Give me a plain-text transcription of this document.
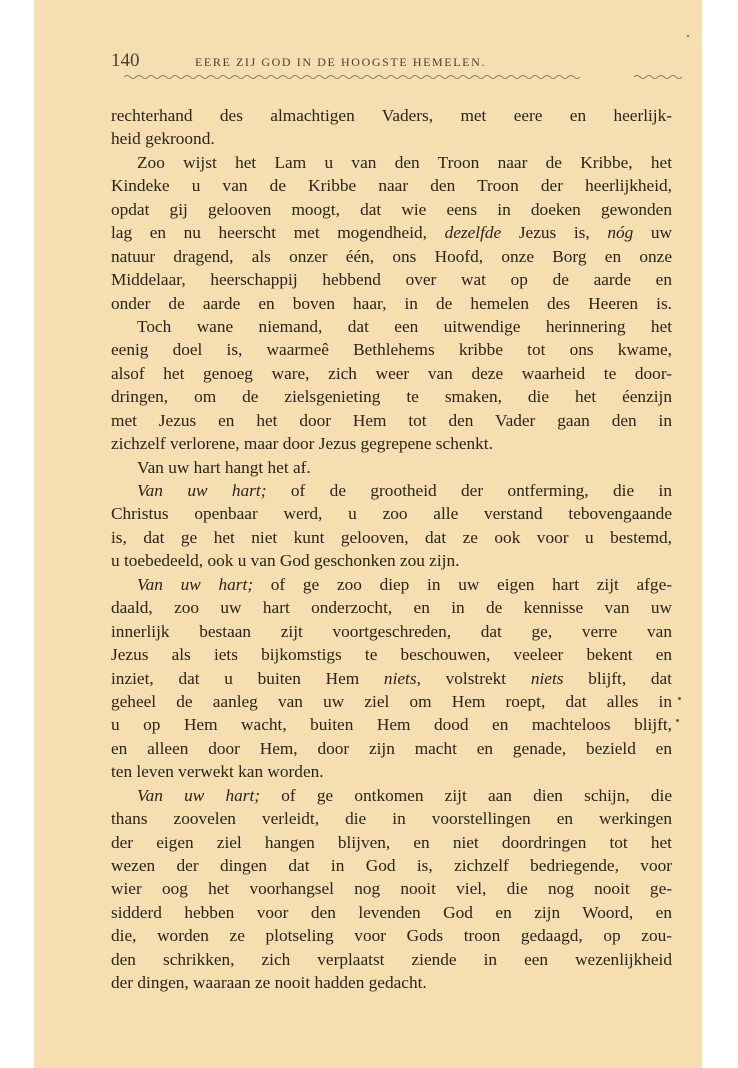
140	EERE ZIJ GOD IN DE HOOGSTE HEMELEN.
rechterhand des almachtigen Vaders, met eere en heerlijk-
heid gekroond.
Zoo wijst het Lam u van den Troon naar de Kribbe, het
Kindeke u van de Kribbe naar den Troon der heerlijkheid,
opdat gij gelooven moogt, dat wie eens in doeken gewonden
lag en nu heerscht met mogendheid, dezelfde Jezus is, nóg uw
natuur dragend, als onzer één, ons Hoofd, onze Borg en onze
Middelaar, heerschappij hebbend over wat op de aarde en
onder de aarde en boven haar, in de hemelen des Heeren is.
Toch wane niemand, dat een uitwendige herinnering het
eenig doel is, waarmeê Bethlehems kribbe tot ons kwame,
alsof het genoeg ware, zich weer van deze waarheid te door-
dringen, om de zielsgenieting te smaken, die het éenzijn
met Jezus en het door Hem tot den Vader gaan den in
zichzelf verlorene, maar door Jezus gegrepene schenkt.
Van uw hart hangt het af.
Van uw hart; of de grootheid der ontferming, die in
Christus openbaar werd, u zoo alle verstand tebovengaande
is, dat ge het niet kunt gelooven, dat ze ook voor u bestemd,
u toebedeeld, ook u van God geschonken zou zijn.
Van uw hart; of ge zoo diep in uw eigen hart zijt afge-
daald, zoo uw hart onderzocht, en in de kennisse van uw
innerlijk bestaan zijt voortgeschreden, dat ge, verre van
Jezus als iets bijkomstigs te beschouwen, veeleer bekent en
inziet, dat u buiten Hem niets, volstrekt niets blijft, dat
geheel de aanleg van uw ziel om Hem roept, dat alles in
u op Hem wacht, buiten Hem dood en machteloos blijft,
en alleen door Hem, door zijn macht en genade, bezield en
ten leven verwekt kan worden.
Van uw hart; of ge ontkomen zijt aan dien schijn, die
thans zoovelen verleidt, die in voorstellingen en werkingen
der eigen ziel hangen blijven, en niet doordringen tot het
wezen der dingen dat in God is, zichzelf bedriegende, voor
wier oog het voorhangsel nog nooit viel, die nog nooit ge-
sidderd hebben voor den levenden God en zijn Woord, en
die, worden ze plotseling voor Gods troon gedaagd, op zou-
den schrikken, zich verplaatst ziende in een wezenlijkheid
der dingen, waaraan ze nooit hadden gedacht.
